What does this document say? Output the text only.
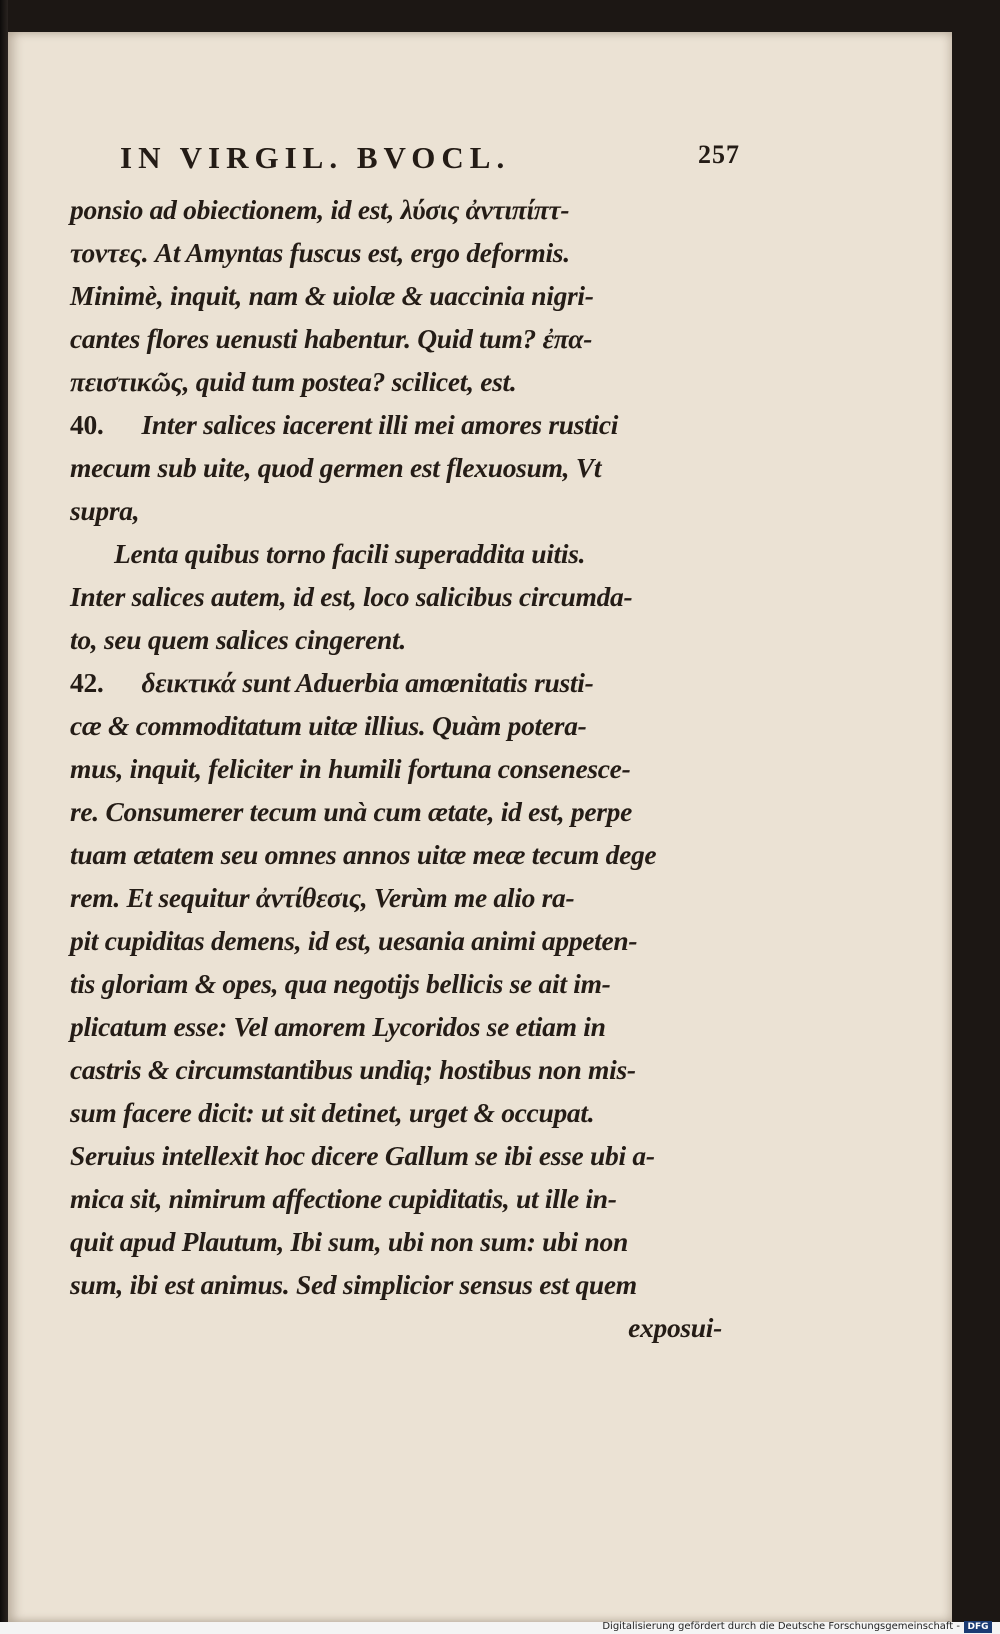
IN VIRGIL. BVOCL.	257
ponsio ad obiectionem, id est, λύσις ἀντιπίπτ-
τοντες. At Amyntas fuscus est, ergo deformis.
Minimè, inquit, nam & uiolæ & uaccinia nigri-
cantes flores uenusti habentur. Quid tum? ἐπα-
πειστικῶς, quid tum postea? scilicet, est.
40. Inter salices iacerent illi mei amores rustici
mecum sub uite, quod germen est flexuosum, Vt
supra,
Lenta quibus torno facili superaddita uitis.
Inter salices autem, id est, loco salicibus circumda-
to, seu quem salices cingerent.
42. δεικτικά sunt Aduerbia amœnitatis rusti-
cæ & commoditatum uitæ illius. Quàm potera-
mus, inquit, feliciter in humili fortuna consenesce-
re. Consumerer tecum unà cum ætate, id est, perpe
tuam ætatem seu omnes annos uitæ meæ tecum dege
rem. Et sequitur ἀντίθεσις, Verùm me alio ra-
pit cupiditas demens, id est, uesania animi appeten-
tis gloriam & opes, qua negotijs bellicis se ait im-
plicatum esse: Vel amorem Lycoridos se etiam in
castris & circumstantibus undiq; hostibus non mis-
sum facere dicit: ut sit detinet, urget & occupat.
Seruius intellexit hoc dicere Gallum se ibi esse ubi a-
mica sit, nimirum affectione cupiditatis, ut ille in-
quit apud Plautum, Ibi sum, ubi non sum: ubi non
sum, ibi est animus. Sed simplicior sensus est quem
exposui-
Digitalisierung gefördert durch die Deutsche Forschungsgemeinschaft - DFG
